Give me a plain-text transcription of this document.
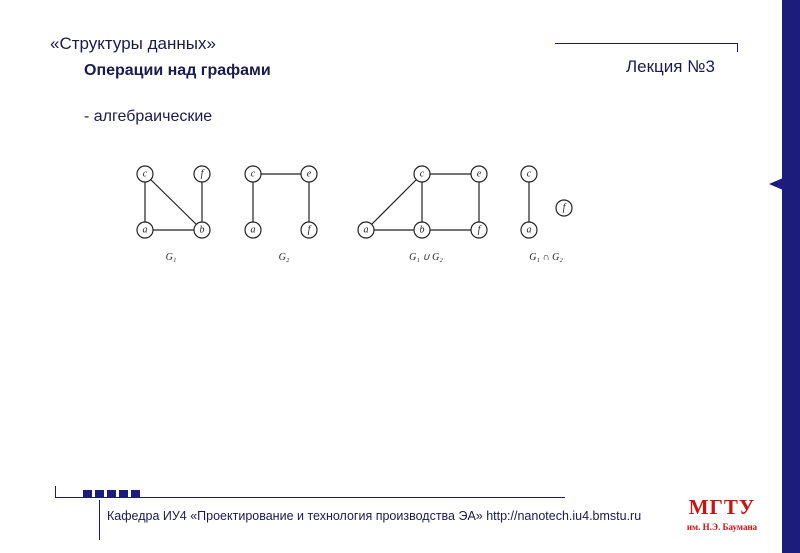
«Структуры данных»
Лекция №3
Операции над графами
- алгебраические
c	f
a	b
G₁
c	e
a	f
G₂
c	e
a	b	f
G₁ ∪ G₂
c
a
f
G₁ ∩ G₂
Кафедра ИУ4 «Проектирование и технология производства ЭА» http://nanotech.iu4.bmstu.ru	МГТУ
им. Н.Э. Баумана
